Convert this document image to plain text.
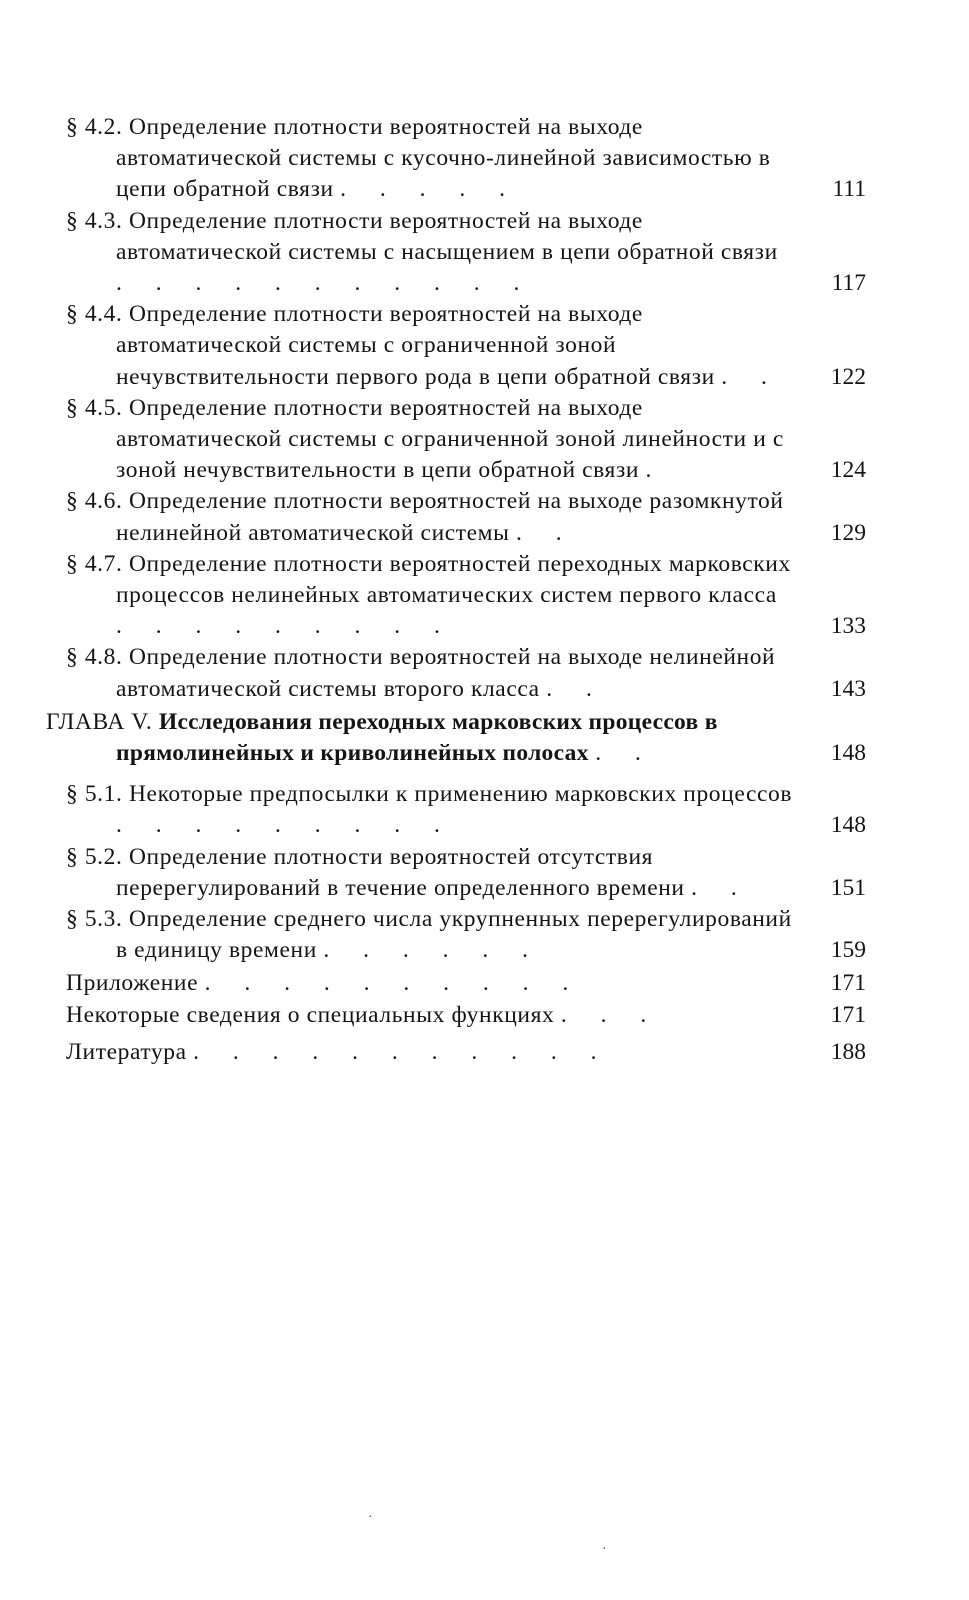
§ 4.2. Определение плотности вероятностей на выходе автоматической системы с кусочно-линейной зависимостью в цепи обратной связи . . . . .	111
§ 4.3. Определение плотности вероятностей на выходе автоматической системы с насыщением в цепи обратной связи . . . . . . . . . . .	117
§ 4.4. Определение плотности вероятностей на выходе автоматической системы с ограниченной зоной нечувствительности первого рода в цепи обратной связи . .	122
§ 4.5. Определение плотности вероятностей на выходе автоматической системы с ограниченной зоной линейности и с зоной нечувствительности в цепи обратной связи .	124
§ 4.6. Определение плотности вероятностей на выходе разомкнутой нелинейной автоматической системы . .	129
§ 4.7. Определение плотности вероятностей переходных марковских процессов нелинейных автоматических систем первого класса . . . . . . . . .	133
§ 4.8. Определение плотности вероятностей на выходе нелинейной автоматической системы второго класса . .	143
ГЛАВА V. Исследования переходных марковских процессов в прямолинейных и криволинейных полосах . .	148
§ 5.1. Некоторые предпосылки к применению марковских процессов . . . . . . . . .	148
§ 5.2. Определение плотности вероятностей отсутствия перерегулирований в течение определенного времени . .	151
§ 5.3. Определение среднего числа укрупненных перерегулирований в единицу времени . . . . . .	159
Приложение . . . . . . . . . .	171
Некоторые сведения о специальных функциях . . .	171
Литература . . . . . . . . . . .	188
·
·
